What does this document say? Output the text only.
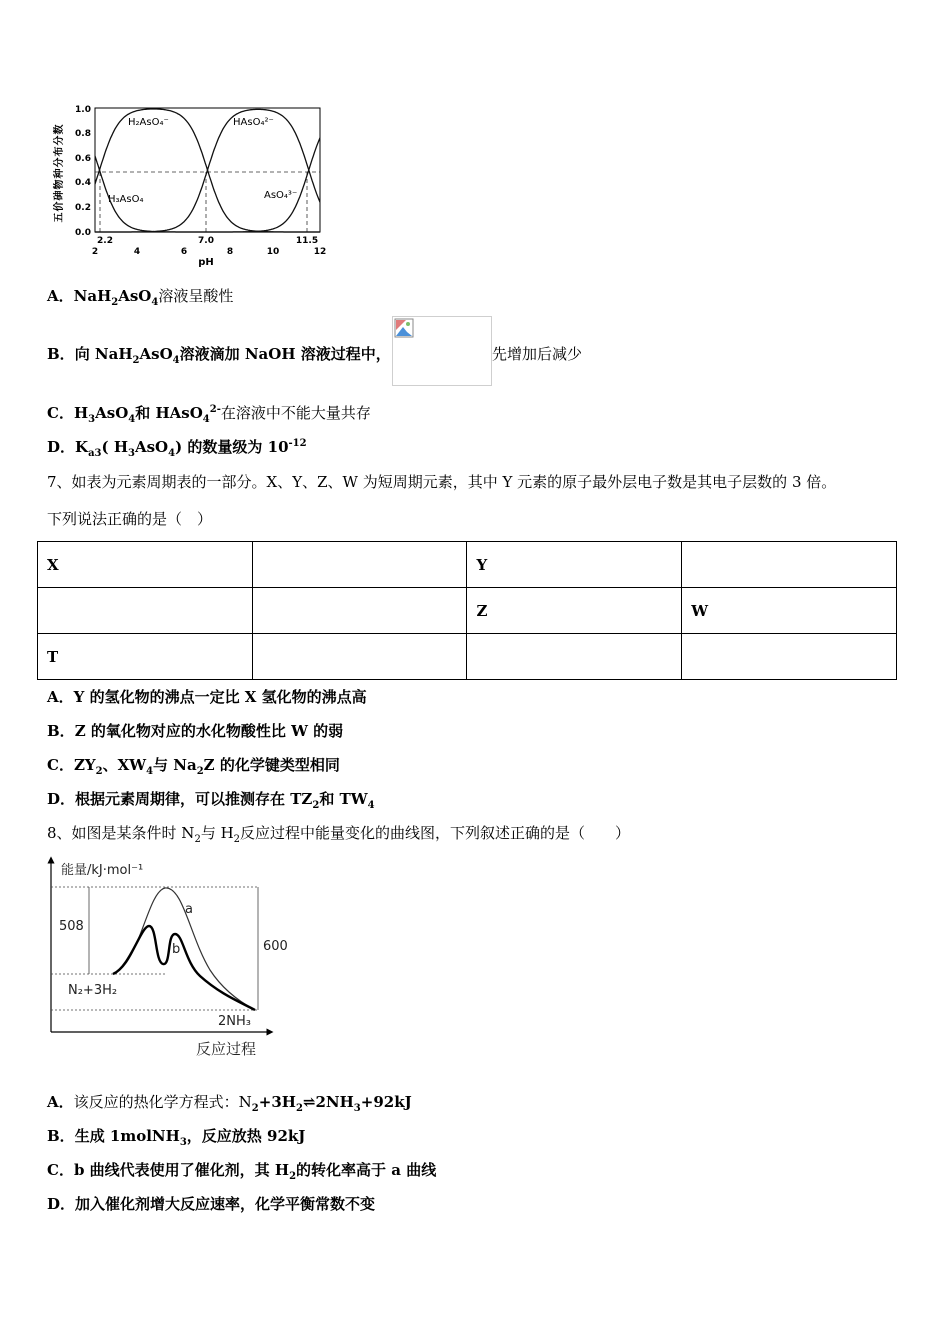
五价砷物种分布分数
0.0
0.2
0.4
0.6
0.8
1.0
2	4	6	8	10	12
2.2	7.0	11.5
pH
H₂AsO₄⁻	HAsO₄²⁻
H₃AsO₄	AsO₄³⁻
A．NaH$_2$AsO$_4$溶液呈酸性
B．向 NaH$_2$AsO$_4$溶液滴加 NaOH 溶液过程中，	先增加后减少
C．$H_3AsO_4$和 HAsO$_4^{2-}$在溶液中不能大量共存
D．$K_{a3}$( $H_3AsO_4$) 的数量级为 $10^{-12}$
7、如表为元素周期表的一部分。X、Y、Z、W 为短周期元素，其中 Y 元素的原子最外层电子数是其电子层数的 3 倍。
下列说法正确的是（　）
X		Y	
		Z	W
T			
A．Y 的氢化物的沸点一定比 X 氢化物的沸点高
B．Z 的氧化物对应的水化物酸性比 W 的弱
C．$ZY_2$、$XW_4$与 $Na_2Z$ 的化学键类型相同
D．根据元素周期律，可以推测存在 $TZ_2$和 $TW_4$
8、如图是某条件时 $N_2$与 $H_2$反应过程中能量变化的曲线图，下列叙述正确的是（　　）
能量/kJ·mol⁻¹
508
600
a
b
N₂+3H₂
2NH₃
反应过程
A．该反应的热化学方程式：$N_2+3H_2\rightleftharpoons 2NH_3+92kJ$
B．生成 1molNH$_3$，反应放热 92kJ
C．b 曲线代表使用了催化剂，其 $H_2$的转化率高于 a 曲线
D．加入催化剂增大反应速率，化学平衡常数不变
